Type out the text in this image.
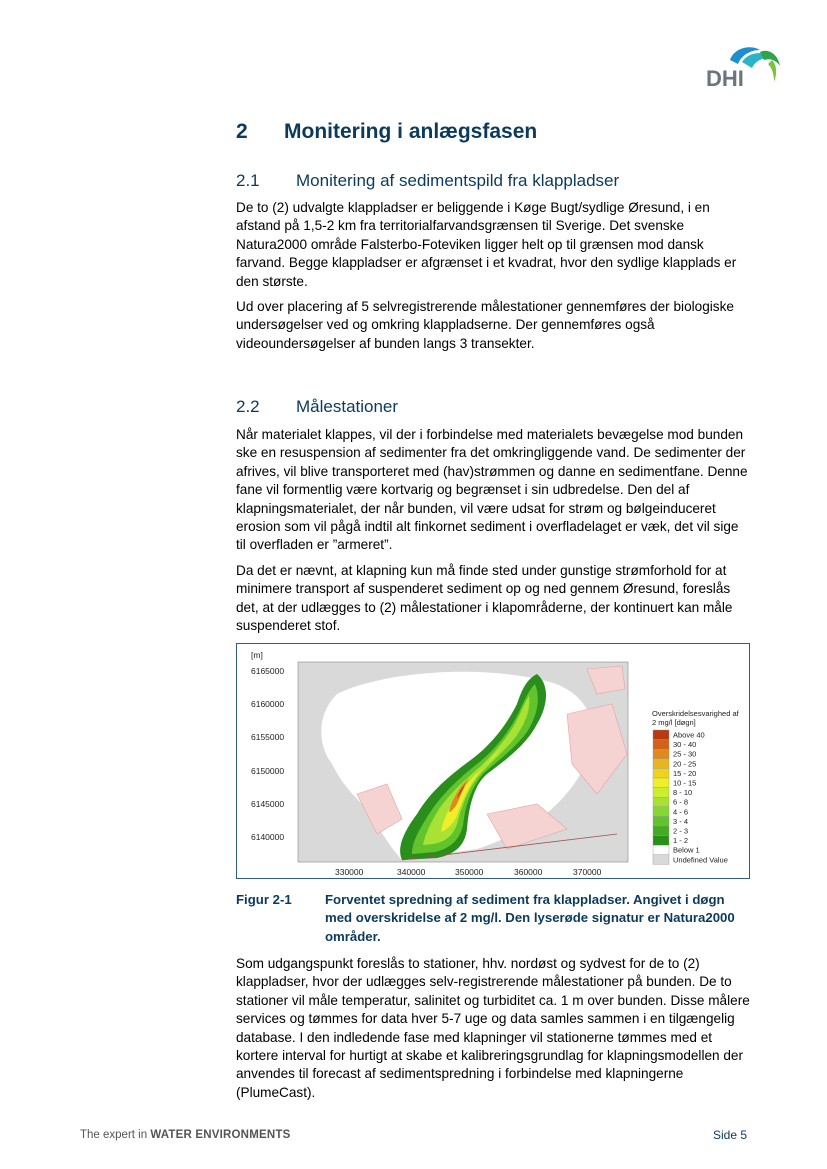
DHI
2	Monitering i anlægsfasen
2.1	Monitering af sedimentspild fra klappladser

De to (2) udvalgte klappladser er beliggende i Køge Bugt/sydlige Øresund, i en afstand på 1,5-2 km fra territorialfarvandsgrænsen til Sverige. Det svenske Natura2000 område Falsterbo-Foteviken ligger helt op til grænsen mod dansk farvand. Begge klappladser er afgrænset i et kvadrat, hvor den sydlige klapplads er den største.

Ud over placering af 5 selvregistrerende målestationer gennemføres der biologiske undersøgelser ved og omkring klappladserne. Der gennemføres også videoundersøgelser af bunden langs 3 transekter.

2.2	Målestationer

Når materialet klappes, vil der i forbindelse med materialets bevægelse mod bunden ske en resuspension af sedimenter fra det omkringliggende vand. De sedimenter der afrives, vil blive transporteret med (hav)strømmen og danne en sedimentfane. Denne fane vil formentlig være kortvarig og begrænset i sin udbredelse. Den del af klapningsmaterialet, der når bunden, vil være udsat for strøm og bølgeinduceret erosion som vil pågå indtil alt finkornet sediment i overfladelaget er væk, det vil sige til overfladen er ”armeret”.

Da det er nævnt, at klapning kun må finde sted under gunstige strømforhold for at minimere transport af suspenderet sediment op og ned gennem Øresund, foreslås det, at der udlægges to (2) målestationer i klapområderne, der kontinuert kan måle suspenderet stof.

[m]
6165000
6160000
6155000
6150000
6145000
6140000
330000	340000	350000	360000	370000
Overskridelsesvarighed af
2 mg/l [døgn]
Above 40
30 - 40
25 - 30
20 - 25
15 - 20
10 - 15
8 - 10
6 - 8
4 - 6
3 - 4
2 - 3
1 - 2
Below 1
Undefined Value
Figur 2-1	Forventet spredning af sediment fra klappladser. Angivet i døgn med overskridelse af 2 mg/l. Den lyserøde signatur er Natura2000 områder.

Som udgangspunkt foreslås to stationer, hhv. nordøst og sydvest for de to (2) klappladser, hvor der udlægges selv-registrerende målestationer på bunden. De to stationer vil måle temperatur, salinitet og turbiditet ca. 1 m over bunden. Disse målere services og tømmes for data hver 5-7 uge og data samles sammen i en tilgængelig database. I den indledende fase med klapninger vil stationerne tømmes med et kortere interval for hurtigt at skabe et kalibreringsgrundlag for klapningsmodellen der anvendes til forecast af sedimentspredning i forbindelse med klapningerne (PlumeCast).

The expert in WATER ENVIRONMENTS	Side 5
